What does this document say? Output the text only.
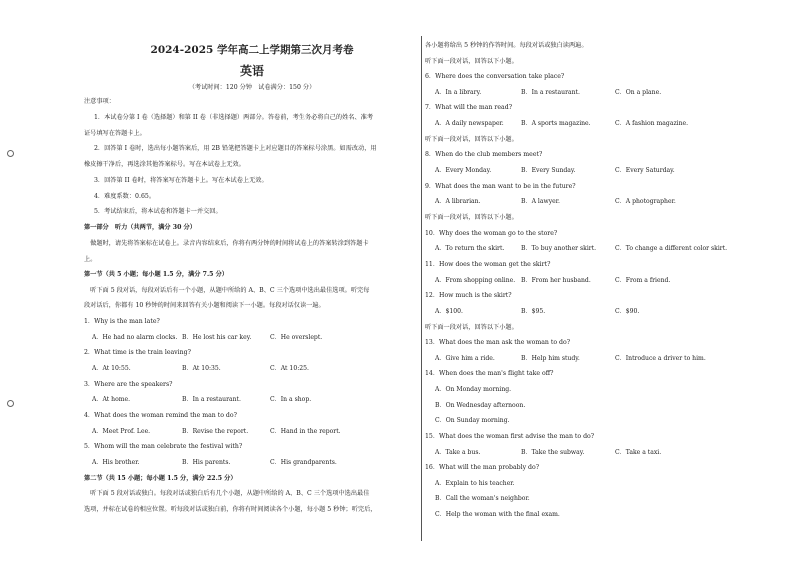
2024-2025 学年高二上学期第三次月考卷
英语
（考试时间：120 分钟　试卷满分：150 分）
注意事项：
1．本试卷分第 I 卷（选择题）和第 II 卷（非选择题）两部分。答卷前，考生务必将自己的姓名、准考
证号填写在答题卡上。
2．回答第 I 卷时，选出每小题答案后，用 2B 铅笔把答题卡上对应题目的答案标号涂黑。如需改动，用
橡皮擦干净后，再选涂其他答案标号。写在本试卷上无效。
3．回答第 II 卷时，将答案写在答题卡上。写在本试卷上无效。
4．难度系数：0.65。
5．考试结束后，将本试卷和答题卡一并交回。
第一部分　听力（共两节，满分 30 分）
　做题时，请先将答案标在试卷上。录音内容结束后，你将有两分钟的时间将试卷上的答案转涂到答题卡
上。
第一节（共 5 小题；每小题 1.5 分，满分 7.5 分）
　听下面 5 段对话，每段对话后有一个小题，从题中所给的 A、B、C 三个选项中选出最佳选项。听完每
段对话后，你都有 10 秒钟的时间来回答有关小题和阅读下一小题。每段对话仅读一遍。
1．Why is the man late?
A．He had no alarm clocks. B．He lost his car key.	C．He overslept.
2．What time is the train leaving?
A．At 10:55.	B．At 10:35.	C．At 10:25.
3．Where are the speakers?
A．At home.	B．In a restaurant.	C．In a shop.
4．What does the woman remind the man to do?
A．Meet Prof. Lee.	B．Revise the report.	C．Hand in the report.
5．Whom will the man celebrate the festival with?
A．His brother.	B．His parents.	C．His grandparents.
第二节（共 15 小题；每小题 1.5 分，满分 22.5 分）
　听下面 5 段对话或独白。每段对话或独白后有几个小题，从题中所给的 A、B、C 三个选项中选出最佳
选项，并标在试卷的相应位置。听每段对话或独白前，你将有时间阅读各个小题，每小题 5 秒钟；听完后，
各小题将给出 5 秒钟的作答时间。每段对话或独白读两遍。
听下面一段对话，回答以下小题。
6．Where does the conversation take place?
A．In a library.	B．In a restaurant.	C．On a plane.
7．What will the man read?
A．A daily newspaper.	B．A sports magazine.	C．A fashion magazine.
听下面一段对话，回答以下小题。
8．When do the club members meet?
A．Every Monday.	B．Every Sunday.	C．Every Saturday.
9．What does the man want to be in the future?
A．A librarian.	B．A lawyer.	C．A photographer.
听下面一段对话，回答以下小题。
10．Why does the woman go to the store?
A．To return the skirt.	B．To buy another skirt.	C．To change a different color skirt.
11．How does the woman get the skirt?
A．From shopping online. B．From her husband.	C．From a friend.
12．How much is the skirt?
A．$100.	B．$95.	C．$90.
听下面一段对话，回答以下小题。
13．What does the man ask the woman to do?
A．Give him a ride.	B．Help him study.	C．Introduce a driver to him.
14．When does the man's flight take off?
A．On Monday morning.
B．On Wednesday afternoon.
C．On Sunday morning.
15．What does the woman first advise the man to do?
A．Take a bus.	B．Take the subway.	C．Take a taxi.
16．What will the man probably do?
A．Explain to his teacher.
B．Call the woman's neighbor.
C．Help the woman with the final exam.
